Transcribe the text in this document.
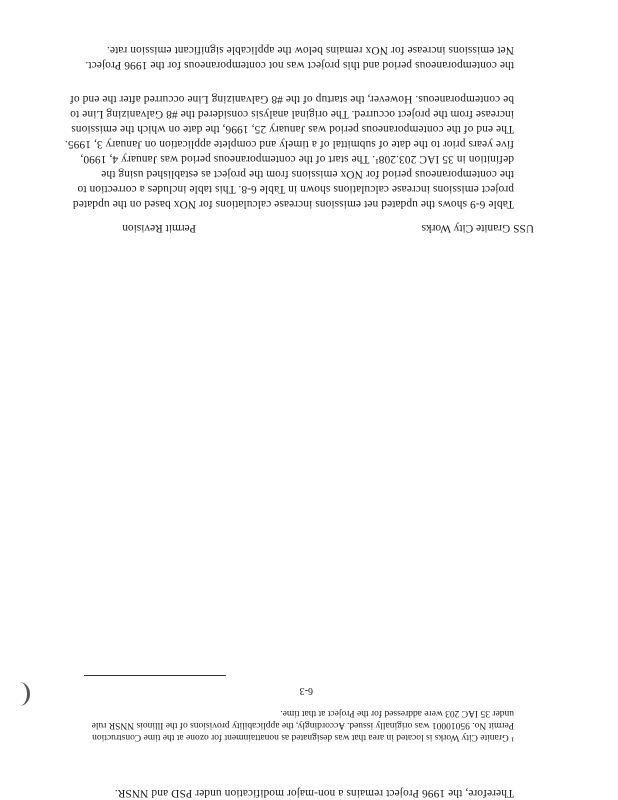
USS Granite City Works
Permit Revision
Table 6-9 shows the updated net emissions increase calculations for NOx based on the updated
project emissions increase calculations shown in Table 6-8. This table includes a correction to
the contemporaneous period for NOx emissions from the project as established using the
definition in 35 IAC 203.208¹. The start of the contemporaneous period was January 4, 1990,
five years prior to the date of submittal of a timely and complete application on January 3, 1995.
The end of the contemporaneous period was January 25, 1996, the date on which the emissions
increase from the project occurred. The original analysis considered the #8 Galvanizing Line to
be contemporaneous. However, the startup of the #8 Galvanizing Line occurred after the end of
the contemporaneous period and this project was not contemporaneous for the 1996 Project.
Net emissions increase for NOx remains below the applicable significant emission rate.
Therefore, the 1996 Project remains a non-major modification under PSD and NNSR.
6-3
¹ Granite City Works is located in area that was designated as nonattainment for ozone at the time Construction
Permit No. 95010001 was originally issued. Accordingly, the applicability provisions of the Illinois NNSR rule
under 35 IAC 203 were addressed for the Project at that time.
